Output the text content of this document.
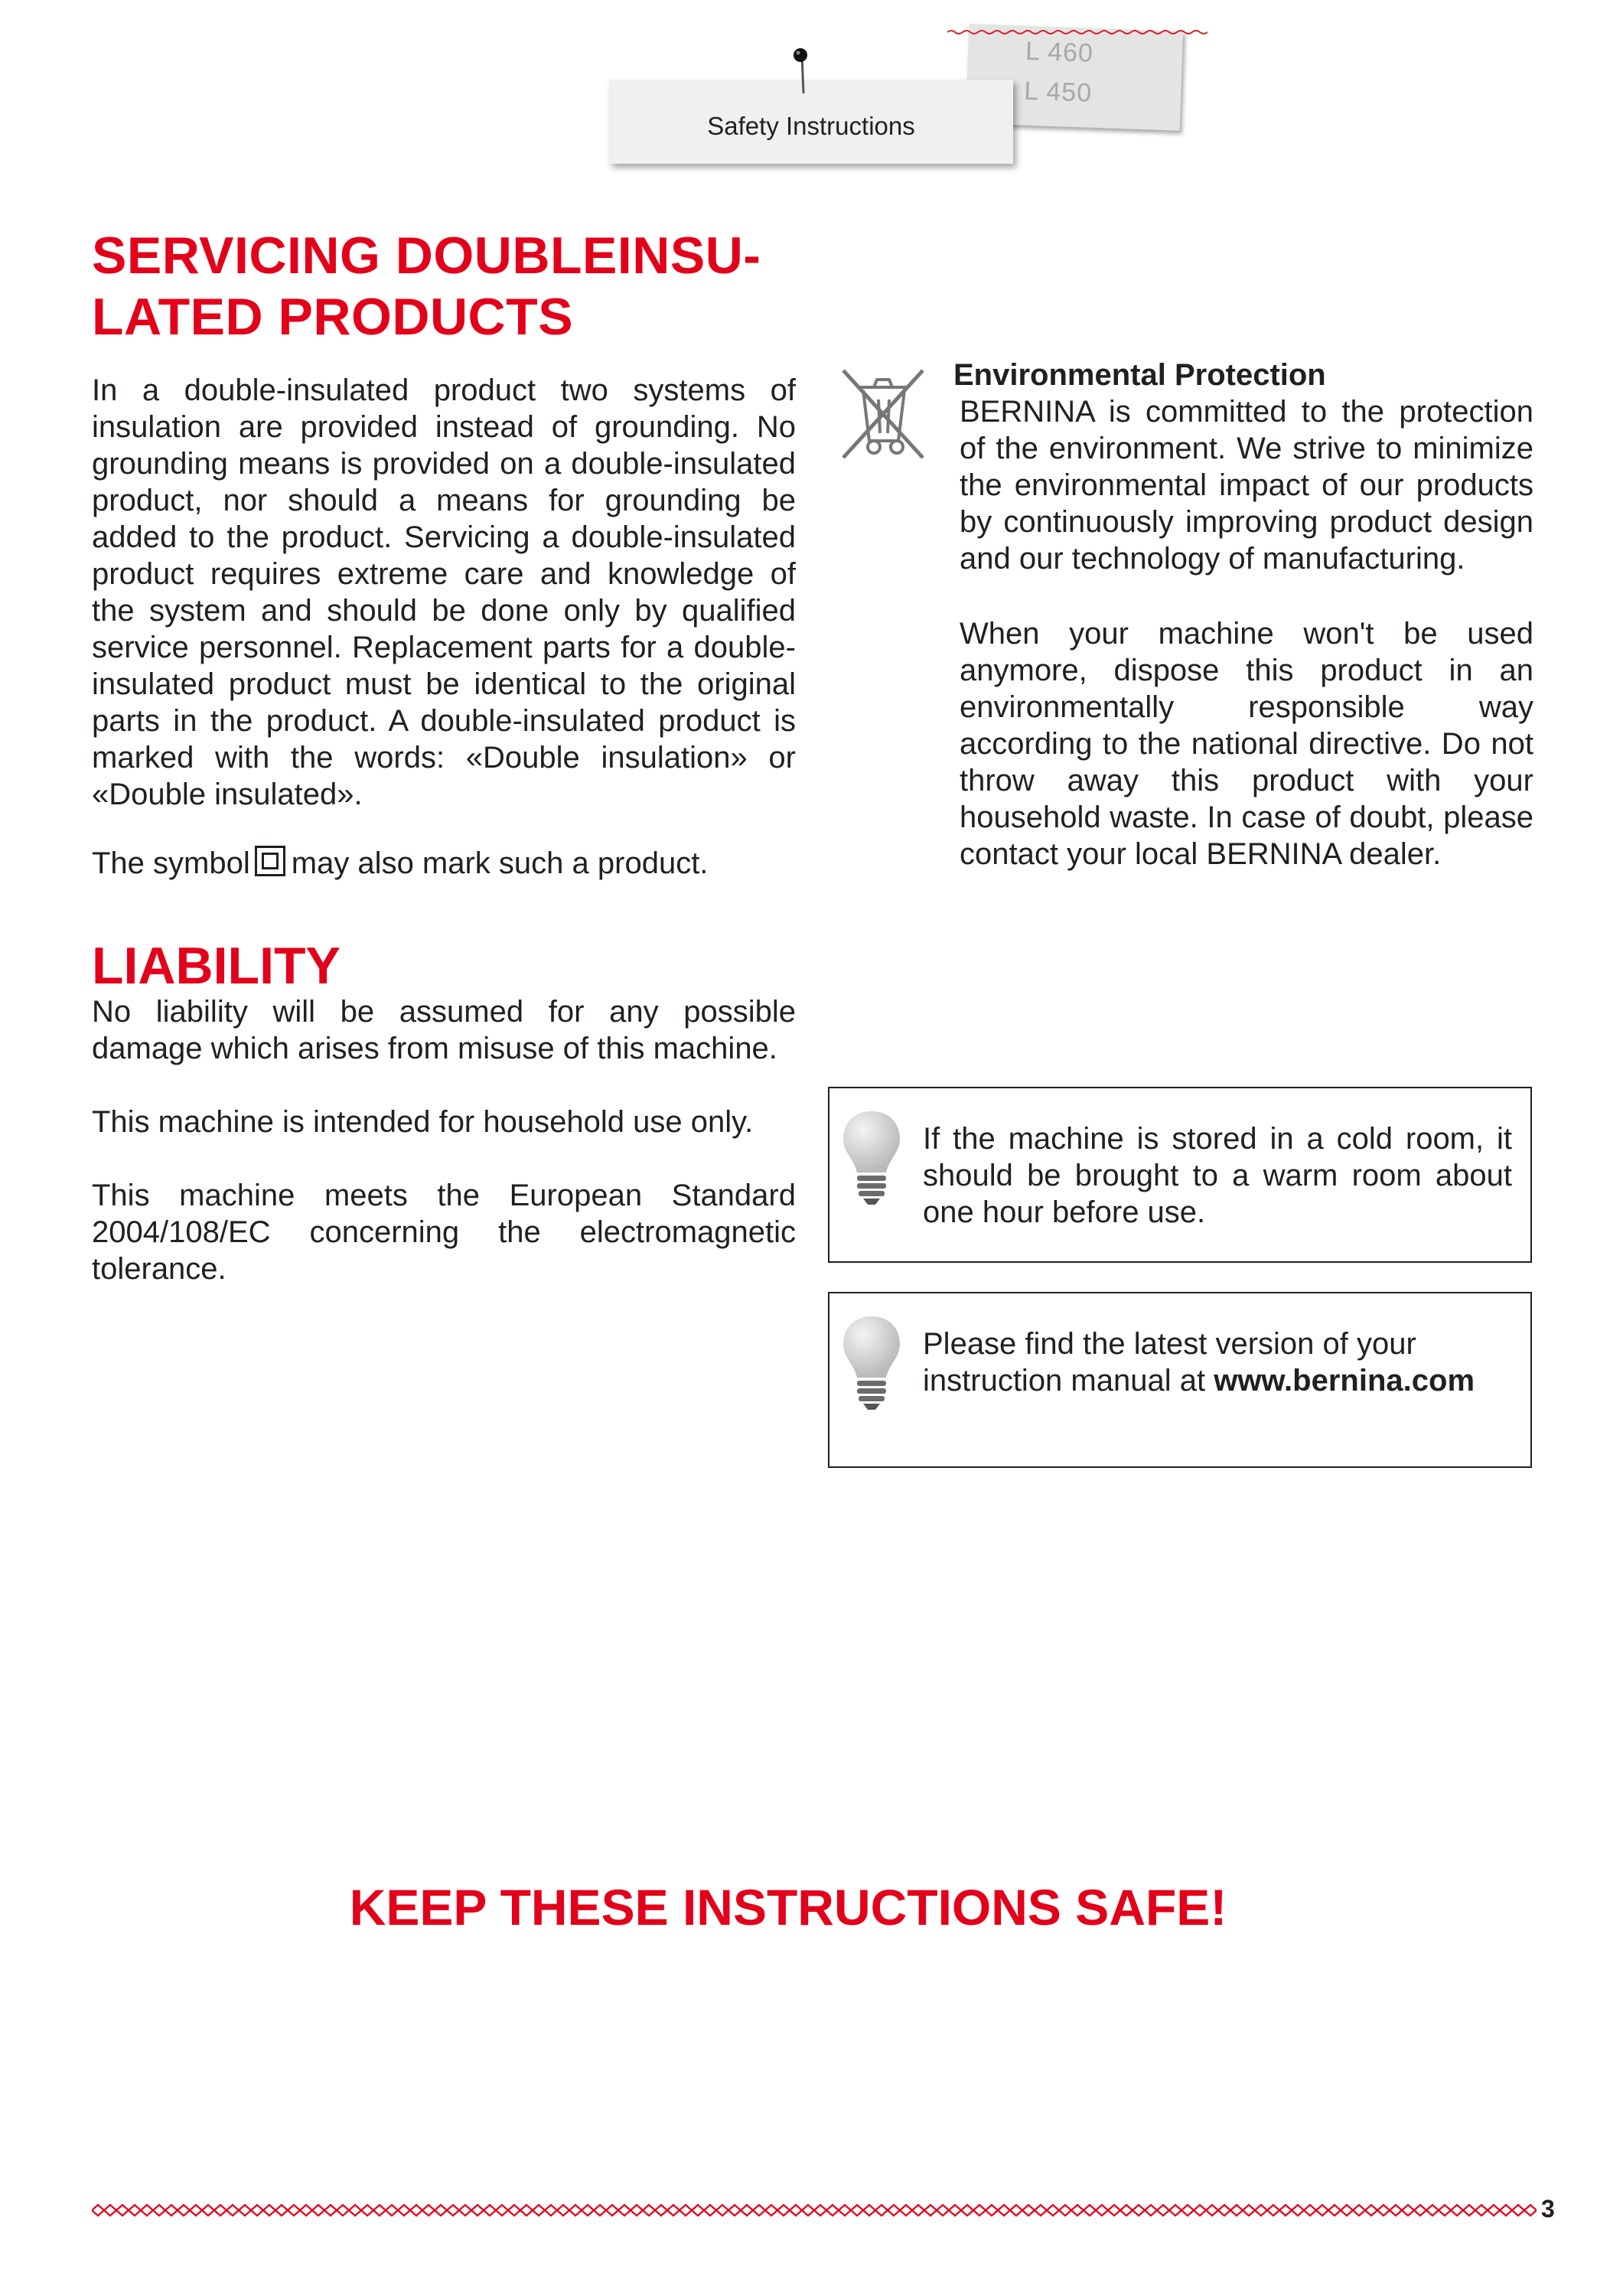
L 460
L 450
Safety Instructions
SERVICING DOUBLEINSU-
LATED PRODUCTS

In a double-insulated product two systems of insulation are provided instead of grounding. No grounding means is provided on a double-insulated product, nor should a means for grounding be added to the product. Servicing a double-insulated product requires extreme care and knowledge of the system and should be done only by qualified service personnel. Replacement parts for a double-insulated product must be identical to the original parts in the product. A double-insulated product is marked with the words: «Double insulation» or «Double insulated».

The symbol may also mark such a product.

LIABILITY

No liability will be assumed for any possible damage which arises from misuse of this machine.

This machine is intended for household use only.

This machine meets the European Standard 2004/108/EC concerning the electromagnetic tolerance.

Environmental Protection

BERNINA is committed to the protection of the environment. We strive to minimize the environmental impact of our products by continuously improving product design and our technology of manufacturing.

When your machine won't be used anymore, dispose this product in an environmentally responsible way according to the national directive. Do not throw away this product with your household waste. In case of doubt, please contact your local BERNINA dealer.

If the machine is stored in a cold room, it should be brought to a warm room about one hour before use.

Please find the latest version of your instruction manual at www.bernina.com

KEEP THESE INSTRUCTIONS SAFE!
3
